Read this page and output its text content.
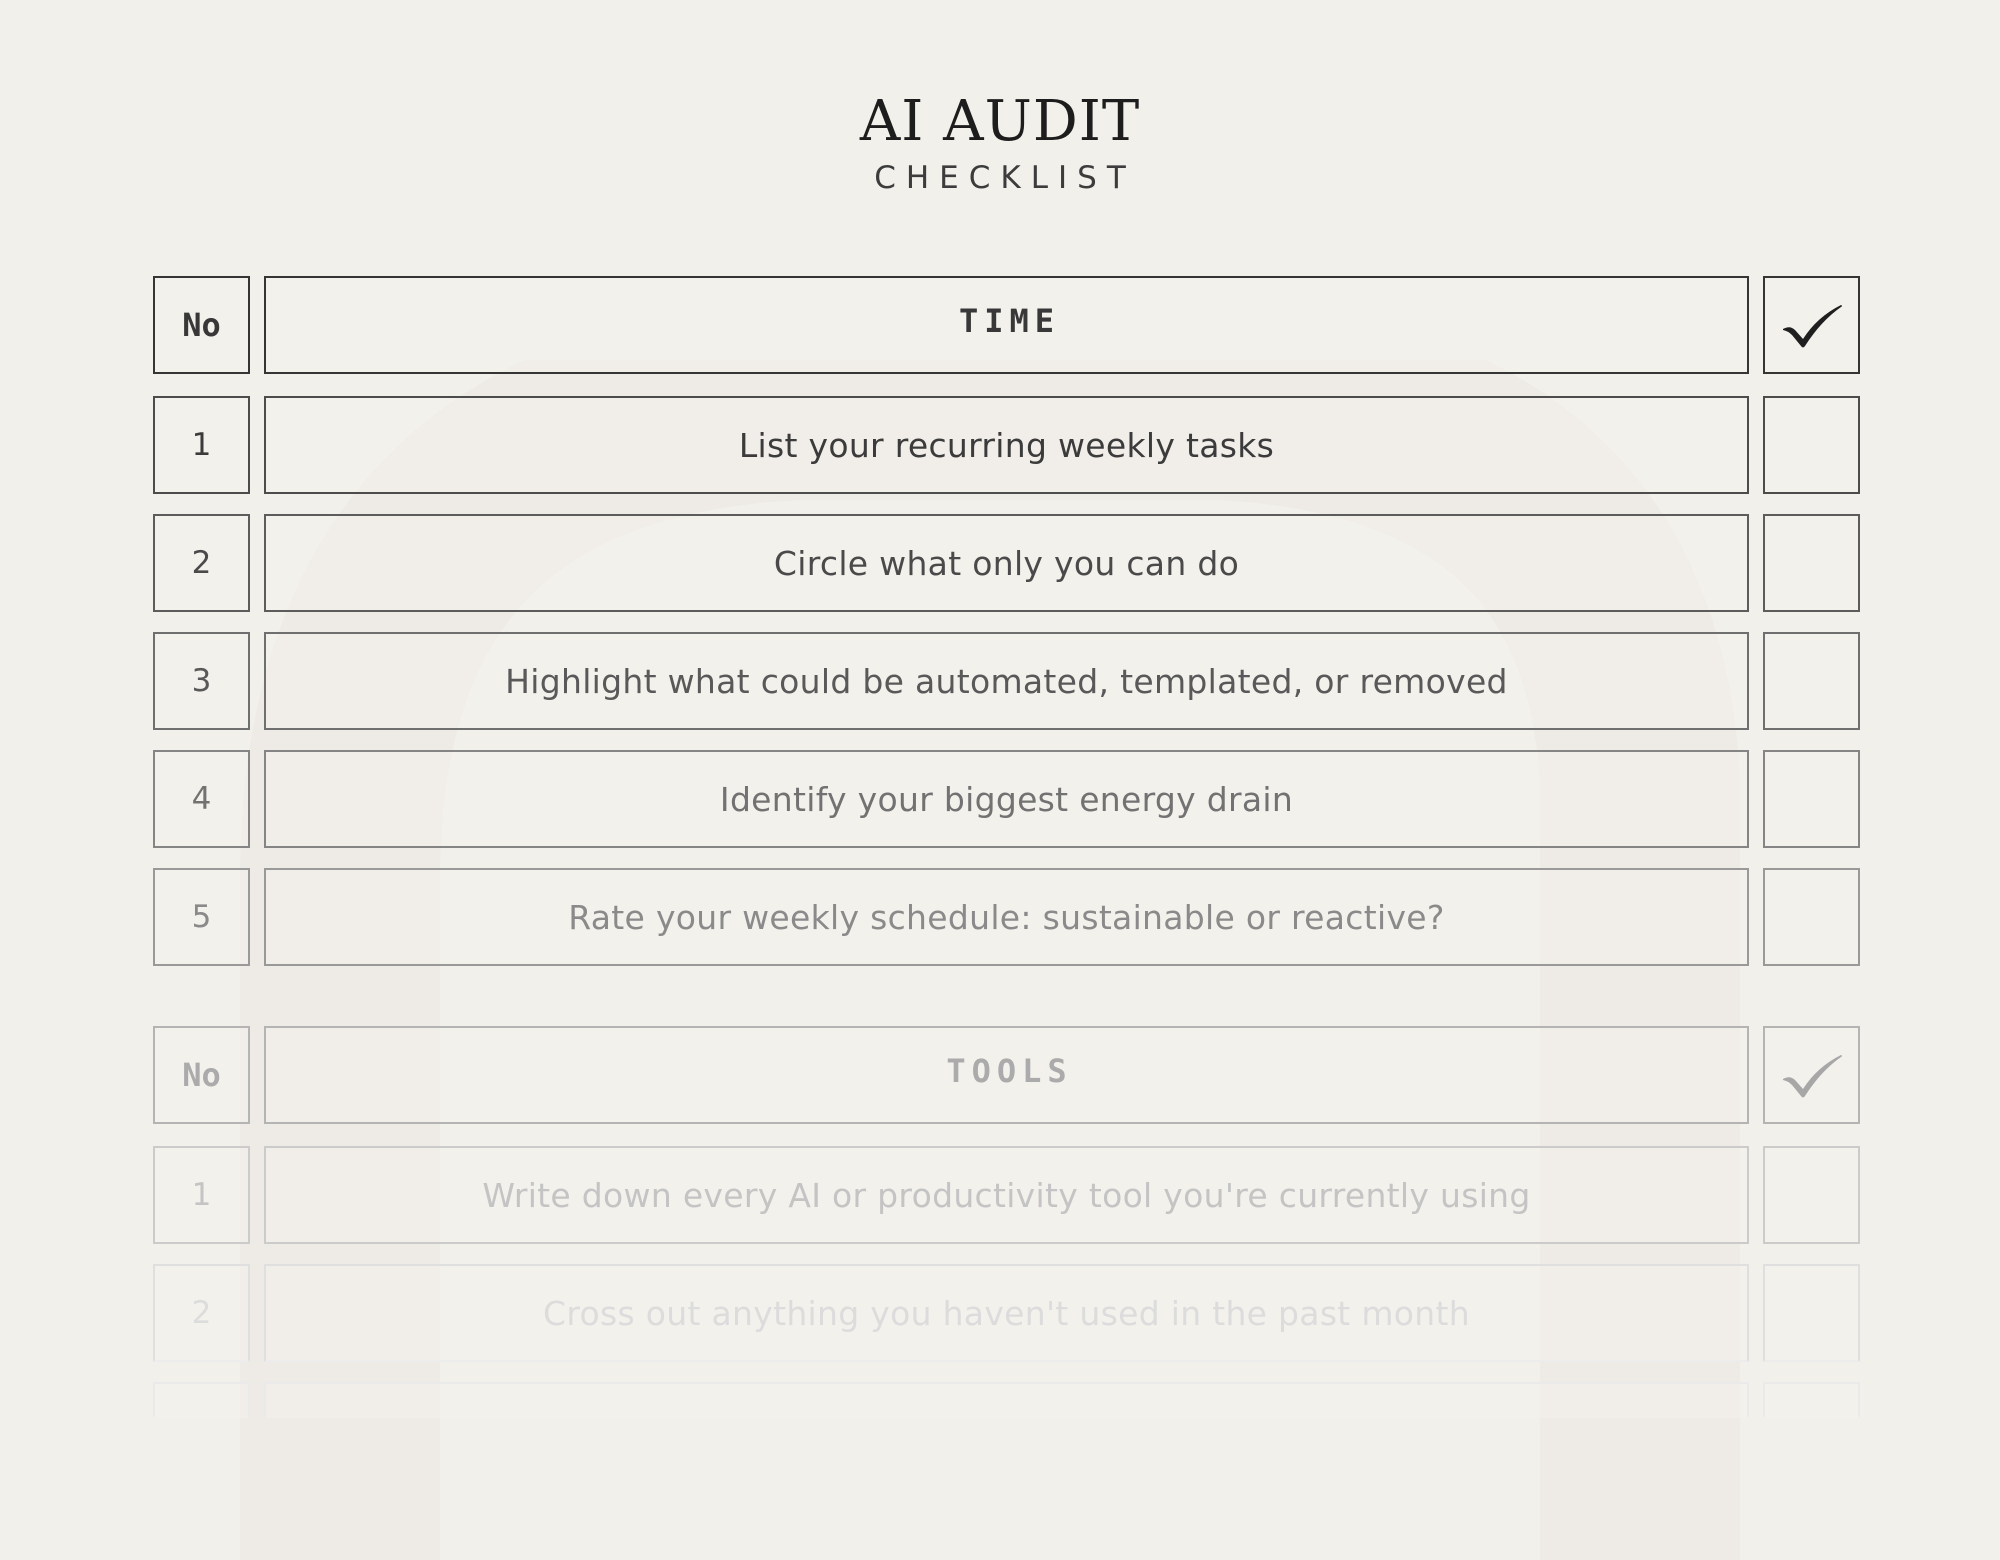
AI AUDIT
CHECKLIST
No	TIME
1	List your recurring weekly tasks
2	Circle what only you can do
3	Highlight what could be automated, templated, or removed
4	Identify your biggest energy drain
5	Rate your weekly schedule: sustainable or reactive?
No	TOOLS
1	Write down every AI or productivity tool you're currently using
2	Cross out anything you haven't used in the past month
